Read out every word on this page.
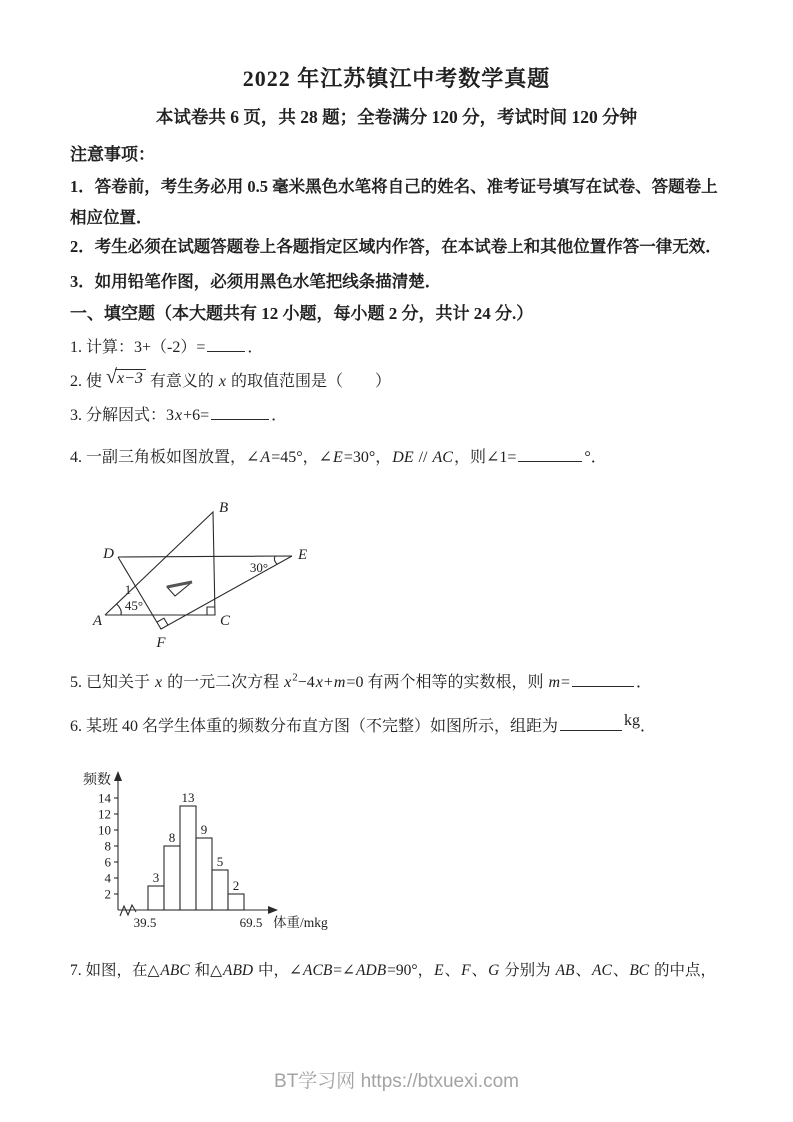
2022 年江苏镇江中考数学真题
本试卷共 6 页，共 28 题；全卷满分 120 分，考试时间 120 分钟
注意事项：
1．答卷前，考生务必用 0.5 毫米黑色水笔将自己的姓名、准考证号填写在试卷、答题卷上相应位置．
2．考生必须在试题答题卷上各题指定区域内作答，在本试卷上和其他位置作答一律无效．
3．如用铅笔作图，必须用黑色水笔把线条描清楚．
一、填空题（本大题共有 12 小题，每小题 2 分，共计 24 分.）
1. 计算：3+（-2）=	．
2. 使 √x−3 有意义的 x 的取值范围是（　　）
3. 分解因式：3x+6=	．
4. 一副三角板如图放置，∠A=45°，∠E=30°，DE // AC，则∠1=	°．
A
B
C
D	E
F
30°
45°
1
5. 已知关于 x 的一元二次方程 $x^2-4x+m=0$ 有两个相等的实数根，则 m=	．
6. 某班 40 名学生体重的频数分布直方图（不完整）如图所示，组距为	kg．
2
4
6
8
10
12
14
3
8
13
9
5
2
频数
39.5	69.5 体重/mkg
7. 如图，在△ABC 和△ABD 中，∠ACB=∠ADB=90°，E、F、G 分别为 AB、AC、BC 的中点，
BT学习网 https://btxuexi.com
